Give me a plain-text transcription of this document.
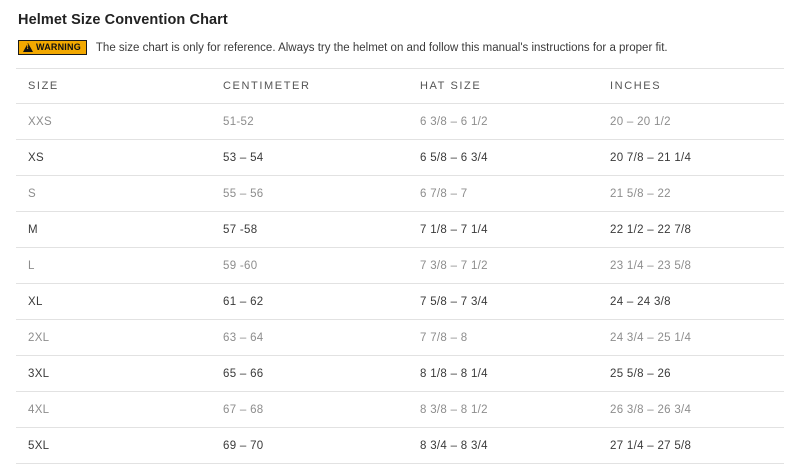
Helmet Size Convention Chart
!
WARNING The size chart is only for reference. Always try the helmet on and follow this manual's instructions for a proper fit.
SIZE	CENTIMETER	HAT SIZE	INCHES
XXS	51-52	6 3/8 – 6 1/2	20 – 20 1/2
XS	53 – 54	6 5/8 – 6 3/4	20 7/8 – 21 1/4
S	55 – 56	6 7/8 – 7	21 5/8 – 22
M	57 -58	7 1/8 – 7 1/4	22 1/2 – 22 7/8
L	59 -60	7 3/8 – 7 1/2	23 1/4 – 23 5/8
XL	61 – 62	7 5/8 – 7 3/4	24 – 24 3/8
2XL	63 – 64	7 7/8 – 8	24 3/4 – 25 1/4
3XL	65 – 66	8 1/8 – 8 1/4	25 5/8 – 26
4XL	67 – 68	8 3/8 – 8 1/2	26 3/8 – 26 3/4
5XL	69 – 70	8 3/4 – 8 3/4	27 1/4 – 27 5/8
